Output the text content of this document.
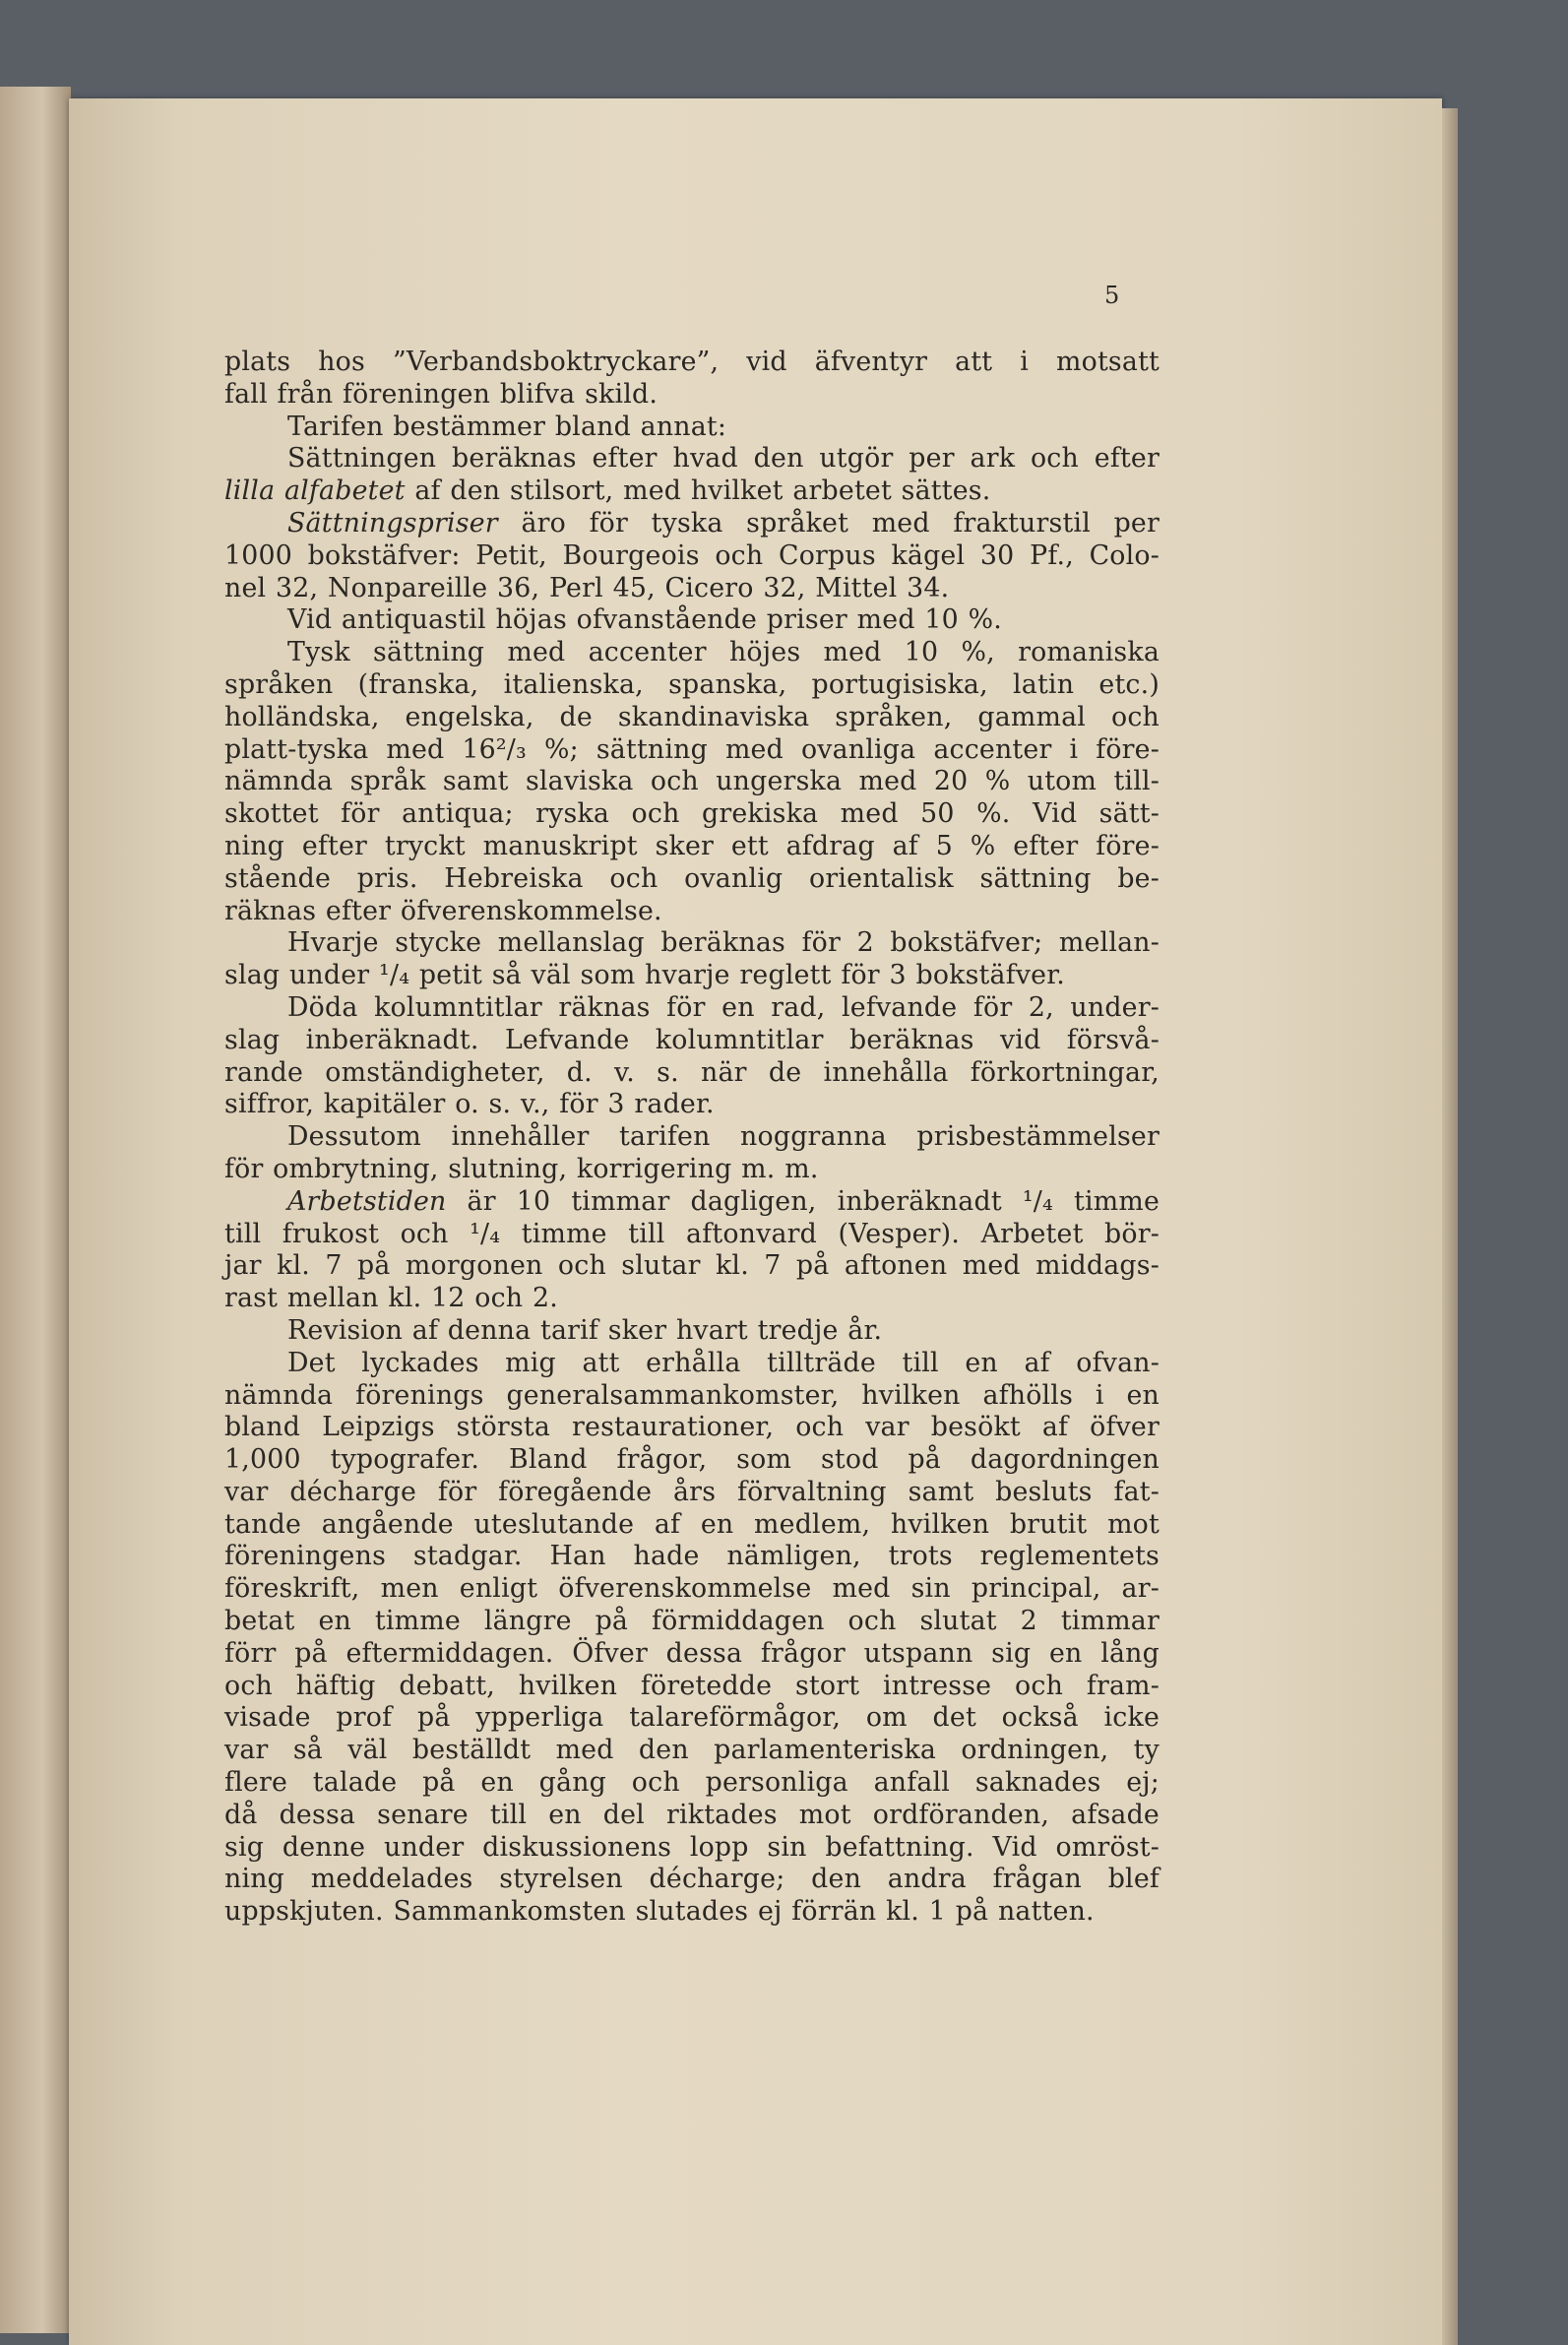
5
plats hos ”Verbandsboktryckare”, vid äfventyr att i motsatt
fall från föreningen blifva skild.
Tarifen bestämmer bland annat:
Sättningen beräknas efter hvad den utgör per ark och efter
lilla alfabetet af den stilsort, med hvilket arbetet sättes.
Sättningspriser äro för tyska språket med frakturstil per
1000 bokstäfver: Petit, Bourgeois och Corpus kägel 30 Pf., Colo-
nel 32, Nonpareille 36, Perl 45, Cicero 32, Mittel 34.
Vid antiquastil höjas ofvanstående priser med 10 %.
Tysk sättning med accenter höjes med 10 %, romaniska
språken (franska, italienska, spanska, portugisiska, latin etc.)
holländska, engelska, de skandinaviska språken, gammal och
platt-tyska med 16²/₃ %; sättning med ovanliga accenter i före-
nämnda språk samt slaviska och ungerska med 20 % utom till-
skottet för antiqua; ryska och grekiska med 50 %. Vid sätt-
ning efter tryckt manuskript sker ett afdrag af 5 % efter före-
stående pris. Hebreiska och ovanlig orientalisk sättning be-
räknas efter öfverenskommelse.
Hvarje stycke mellanslag beräknas för 2 bokstäfver; mellan-
slag under ¹/₄ petit så väl som hvarje reglett för 3 bokstäfver.
Döda kolumntitlar räknas för en rad, lefvande för 2, under-
slag inberäknadt. Lefvande kolumntitlar beräknas vid försvå-
rande omständigheter, d. v. s. när de innehålla förkortningar,
siffror, kapitäler o. s. v., för 3 rader.
Dessutom innehåller tarifen noggranna prisbestämmelser
för ombrytning, slutning, korrigering m. m.
Arbetstiden är 10 timmar dagligen, inberäknadt ¹/₄ timme
till frukost och ¹/₄ timme till aftonvard (Vesper). Arbetet bör-
jar kl. 7 på morgonen och slutar kl. 7 på aftonen med middags-
rast mellan kl. 12 och 2.
Revision af denna tarif sker hvart tredje år.
Det lyckades mig att erhålla tillträde till en af ofvan-
nämnda förenings generalsammankomster, hvilken afhölls i en
bland Leipzigs största restaurationer, och var besökt af öfver
1,000 typografer. Bland frågor, som stod på dagordningen
var décharge för föregående års förvaltning samt besluts fat-
tande angående uteslutande af en medlem, hvilken brutit mot
föreningens stadgar. Han hade nämligen, trots reglementets
föreskrift, men enligt öfverenskommelse med sin principal, ar-
betat en timme längre på förmiddagen och slutat 2 timmar
förr på eftermiddagen. Öfver dessa frågor utspann sig en lång
och häftig debatt, hvilken företedde stort intresse och fram-
visade prof på ypperliga talareförmågor, om det också icke
var så väl beställdt med den parlamenteriska ordningen, ty
flere talade på en gång och personliga anfall saknades ej;
då dessa senare till en del riktades mot ordföranden, afsade
sig denne under diskussionens lopp sin befattning. Vid omröst-
ning meddelades styrelsen décharge; den andra frågan blef
uppskjuten. Sammankomsten slutades ej förrän kl. 1 på natten.
